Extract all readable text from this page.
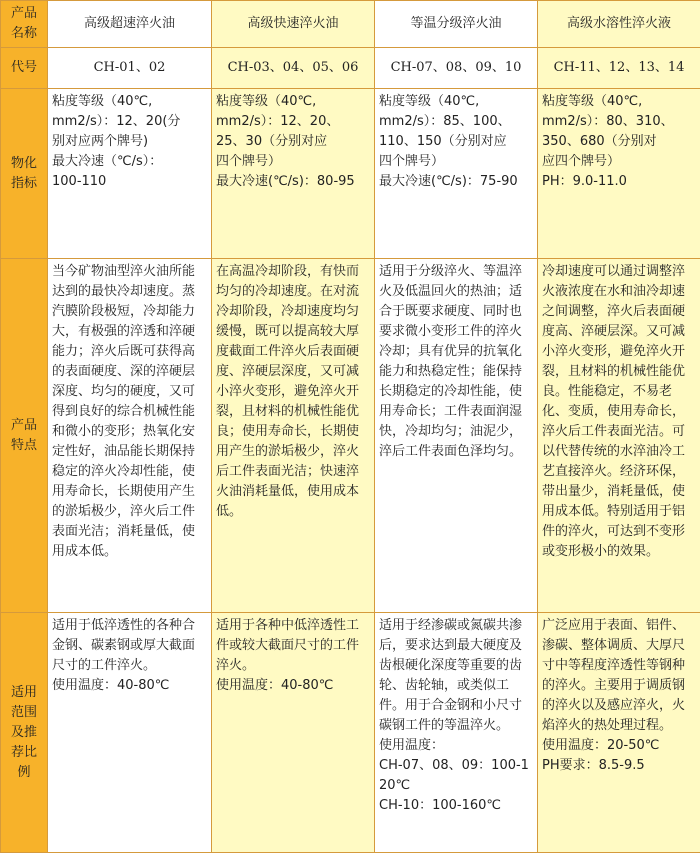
产品
名称	高级超速淬火油	高级快速淬火油	等温分级淬火油	高级水溶性淬火液

代号	CH-01、02	CH-03、04、05、06	CH-07、08、09、10	CH-11、12、13、14

物化
指标	粘度等级（40℃,
mm2/s）：12、20(分
别对应两个牌号)
最大冷速（℃/s）：
100-110	粘度等级（40℃,
mm2/s）：12、20、
25、30（分别对应
四个牌号）
最大冷速(℃/s)：80-95	粘度等级（40℃,
mm2/s）：85、100、
110、150（分别对应
四个牌号）
最大冷速(℃/s)：75-90	粘度等级（40℃,
mm2/s）：80、310、
350、680（分别对
应四个牌号）
PH：9.0-11.0

产品
特点	当今矿物油型淬火油所能达到的最快冷却速度。蒸汽膜阶段极短，冷却能力大，有极强的淬透和淬硬能力；淬火后既可获得高的表面硬度、深的淬硬层深度、均匀的硬度，又可得到良好的综合机械性能和微小的变形；热氧化安定性好，油品能长期保持稳定的淬火冷却性能，使用寿命长，长期使用产生的淤垢极少，淬火后工件表面光洁；消耗量低，使用成本低。	在高温冷却阶段，有快而均匀的冷却速度。在对流冷却阶段，冷却速度均匀缓慢，既可以提高较大厚度截面工件淬火后表面硬度、淬硬层深度，又可减小淬火变形，避免淬火开裂，且材料的机械性能优良；使用寿命长，长期使用产生的淤垢极少，淬火后工件表面光洁；快速淬火油消耗量低，使用成本低。	适用于分级淬火、等温淬火及低温回火的热油；适合于既要求硬度、同时也要求微小变形工件的淬火冷却；具有优异的抗氧化能力和热稳定性；能保持长期稳定的冷却性能，使用寿命长；工件表面润湿快，冷却均匀；油泥少，淬后工件表面色泽均匀。	冷却速度可以通过调整淬火液浓度在水和油冷却速之间调整，淬火后表面硬度高、淬硬层深。又可减小淬火变形，避免淬火开裂，且材料的机械性能优良。性能稳定，不易老化、变质，使用寿命长，淬火后工件表面光洁。可以代替传统的水淬油冷工艺直接淬火。经济环保，带出量少，消耗量低，使用成本低。特别适用于铝件的淬火，可达到不变形或变形极小的效果。

适用
范围
及推
荐比
例	适用于低淬透性的各种合金钢、碳素钢或厚大截面尺寸的工件淬火。
使用温度：40-80℃	适用于各种中低淬透性工件或较大截面尺寸的工件淬火。
使用温度：40-80℃	适用于经渗碳或氮碳共渗后，要求达到最大硬度及齿根硬化深度等重要的齿轮、齿轮轴，或类似工件。用于合金钢和小尺寸碳钢工件的等温淬火。
使用温度：
CH-07、08、09：100-120℃
CH-10：100-160℃	广泛应用于表面、铝件、渗碳、整体调质、大厚尺寸中等程度淬透性等钢种的淬火。主要用于调质钢的淬火以及感应淬火，火焰淬火的热处理过程。
使用温度：20-50℃
PH要求：8.5-9.5
